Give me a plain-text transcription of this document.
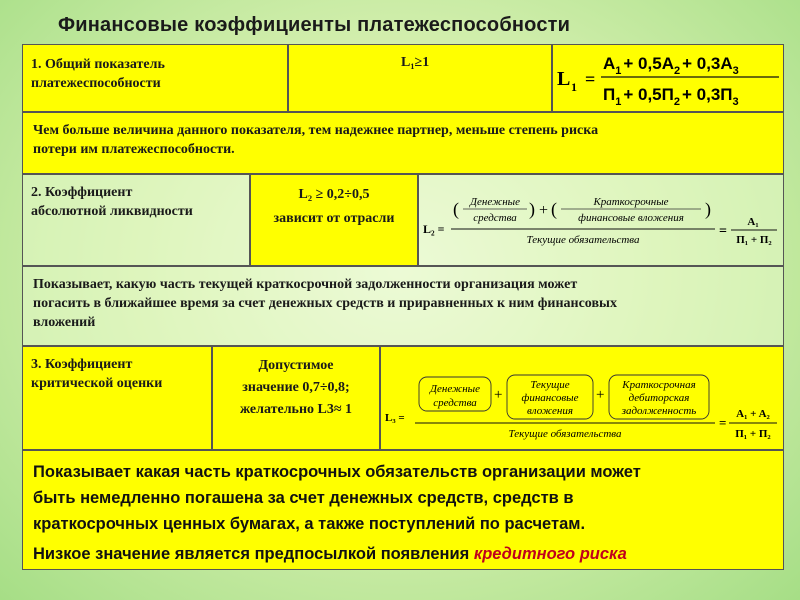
Финансовые коэффициенты платежеспособности
1. Общий показатель
платежеспособности
L₁≥1
L 1 =
$A_1 + 0,5A_2 + 0,3A_3$
$П_1 + 0,5П_2 + 0,3П_3$
Чем больше величина данного показателя, тем надежнее партнер, меньше степень риска
потери им платежеспособности.
2. Коэффициент
абсолютной ликвидности
L₂ ≥ 0,2÷0,5
зависит от отрасли
L₂ =
( Денежные
средства ) + (	Краткосрочные
финансовые вложения )
Текущие обязательства
=
A₁
П₁ + П₂
Показывает, какую часть текущей краткосрочной задолженности организация может
погасить в ближайшее время за счет денежных средств и приравненных к ним финансовых
вложений
3. Коэффициент
критической оценки
Допустимое
значение 0,7÷0,8;
желательно L3≈ 1
L₃ =
Денежные
средства +
Текущие
финансовые
вложения
+
Краткосрочная
дебиторская
задолженность
Текущие обязательства
=
A₁ + A₂
П₁ + П₂
Показывает какая часть краткосрочных обязательств организации может
быть немедленно погашена за счет денежных средств, средств в
краткосрочных ценных бумагах, а также поступлений по расчетам.
Низкое значение является предпосылкой появления кредитного риска
